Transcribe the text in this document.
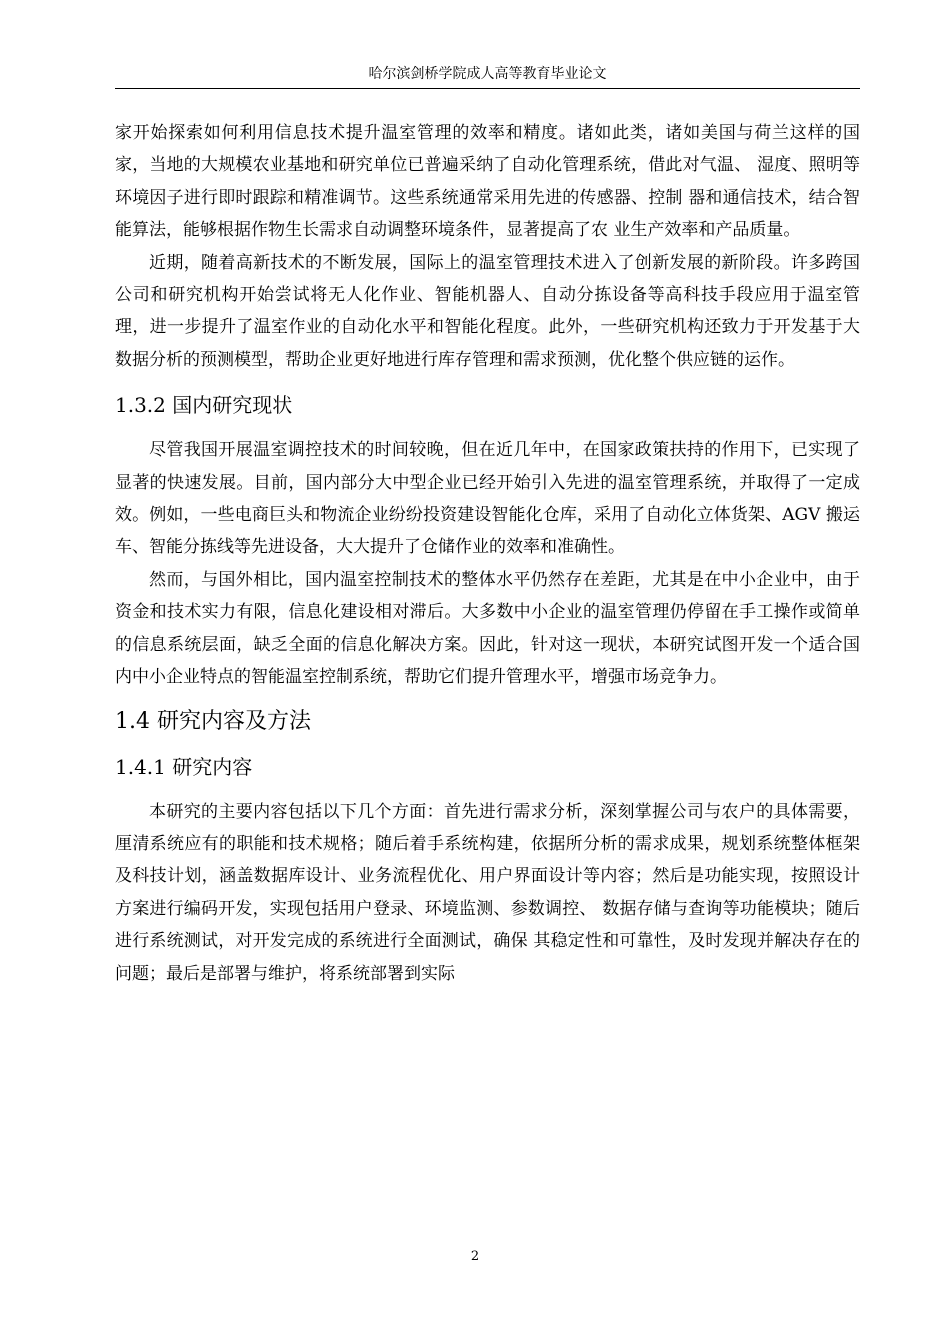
哈尔滨剑桥学院成人高等教育毕业论文

家开始探索如何利用信息技术提升温室管理的效率和精度。诸如此类，诸如美国与荷兰这样的国家，当地的大规模农业基地和研究单位已普遍采纳了自动化管理系统，借此对气温、 湿度、照明等环境因子进行即时跟踪和精准调节。这些系统通常采用先进的传感器、控制 器和通信技术，结合智能算法，能够根据作物生长需求自动调整环境条件，显著提高了农 业生产效率和产品质量。

近期，随着高新技术的不断发展，国际上的温室管理技术进入了创新发展的新阶段。许多跨国公司和研究机构开始尝试将无人化作业、智能机器人、自动分拣设备等高科技手段应用于温室管理，进一步提升了温室作业的自动化水平和智能化程度。此外，一些研究机构还致力于开发基于大数据分析的预测模型，帮助企业更好地进行库存管理和需求预测，优化整个供应链的运作。

1.3.2 国内研究现状

尽管我国开展温室调控技术的时间较晚，但在近几年中，在国家政策扶持的作用下，已实现了显著的快速发展。目前，国内部分大中型企业已经开始引入先进的温室管理系统，并取得了一定成效。例如，一些电商巨头和物流企业纷纷投资建设智能化仓库，采用了自动化立体货架、AGV 搬运车、智能分拣线等先进设备，大大提升了仓储作业的效率和准确性。

然而，与国外相比，国内温室控制技术的整体水平仍然存在差距，尤其是在中小企业中，由于资金和技术实力有限，信息化建设相对滞后。大多数中小企业的温室管理仍停留在手工操作或简单的信息系统层面，缺乏全面的信息化解决方案。因此，针对这一现状，本研究试图开发一个适合国内中小企业特点的智能温室控制系统，帮助它们提升管理水平，增强市场竞争力。

1.4 研究内容及方法
1.4.1 研究内容

本研究的主要内容包括以下几个方面：首先进行需求分析，深刻掌握公司与农户的具体需要，厘清系统应有的职能和技术规格；随后着手系统构建，依据所分析的需求成果，规划系统整体框架及科技计划，涵盖数据库设计、业务流程优化、用户界面设计等内容；然后是功能实现，按照设计方案进行编码开发，实现包括用户登录、环境监测、参数调控、 数据存储与查询等功能模块；随后进行系统测试，对开发完成的系统进行全面测试，确保 其稳定性和可靠性，及时发现并解决存在的问题；最后是部署与维护，将系统部署到实际

2
